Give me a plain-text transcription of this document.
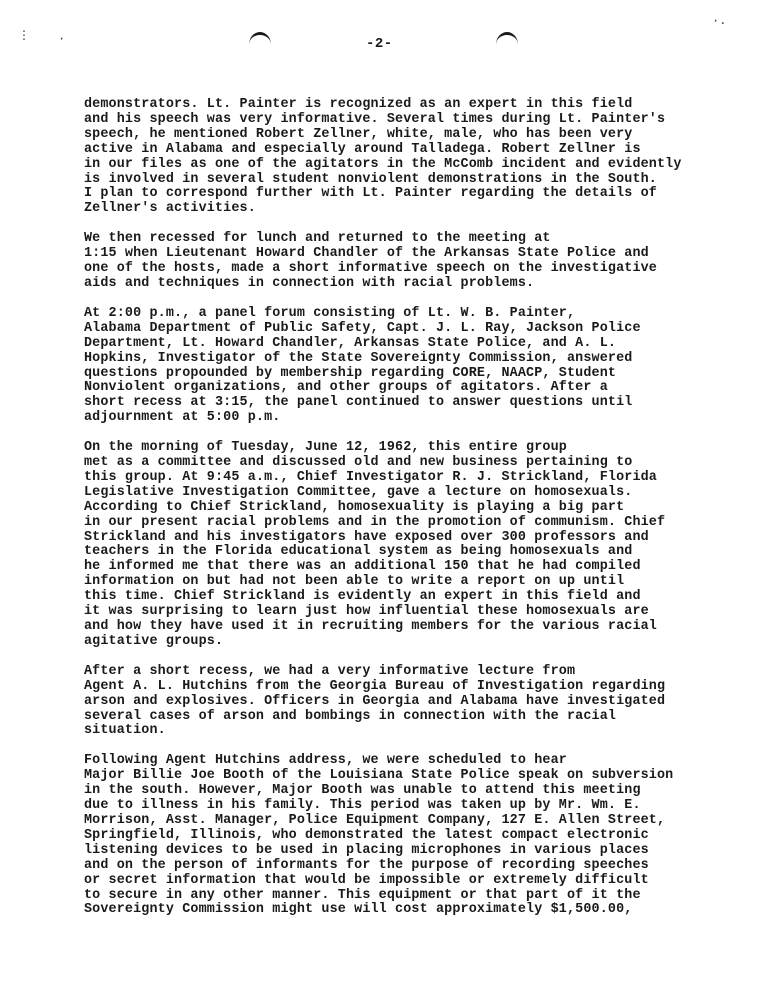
-2-
⋮ ·
·.

demonstrators. Lt. Painter is recognized as an expert in this field
and his speech was very informative. Several times during Lt. Painter's
speech, he mentioned Robert Zellner, white, male, who has been very
active in Alabama and especially around Talladega. Robert Zellner is
in our files as one of the agitators in the McComb incident and evidently
is involved in several student nonviolent demonstrations in the South.
I plan to correspond further with Lt. Painter regarding the details of
Zellner's activities.

We then recessed for lunch and returned to the meeting at
1:15 when Lieutenant Howard Chandler of the Arkansas State Police and
one of the hosts, made a short informative speech on the investigative
aids and techniques in connection with racial problems.

At 2:00 p.m., a panel forum consisting of Lt. W. B. Painter,
Alabama Department of Public Safety, Capt. J. L. Ray, Jackson Police
Department, Lt. Howard Chandler, Arkansas State Police, and A. L.
Hopkins, Investigator of the State Sovereignty Commission, answered
questions propounded by membership regarding CORE, NAACP, Student
Nonviolent organizations, and other groups of agitators. After a
short recess at 3:15, the panel continued to answer questions until
adjournment at 5:00 p.m.

On the morning of Tuesday, June 12, 1962, this entire group
met as a committee and discussed old and new business pertaining to
this group. At 9:45 a.m., Chief Investigator R. J. Strickland, Florida
Legislative Investigation Committee, gave a lecture on homosexuals.
According to Chief Strickland, homosexuality is playing a big part
in our present racial problems and in the promotion of communism. Chief
Strickland and his investigators have exposed over 300 professors and
teachers in the Florida educational system as being homosexuals and
he informed me that there was an additional 150 that he had compiled
information on but had not been able to write a report on up until
this time. Chief Strickland is evidently an expert in this field and
it was surprising to learn just how influential these homosexuals are
and how they have used it in recruiting members for the various racial
agitative groups.

After a short recess, we had a very informative lecture from
Agent A. L. Hutchins from the Georgia Bureau of Investigation regarding
arson and explosives. Officers in Georgia and Alabama have investigated
several cases of arson and bombings in connection with the racial
situation.

Following Agent Hutchins address, we were scheduled to hear
Major Billie Joe Booth of the Louisiana State Police speak on subversion
in the south. However, Major Booth was unable to attend this meeting
due to illness in his family. This period was taken up by Mr. Wm. E.
Morrison, Asst. Manager, Police Equipment Company, 127 E. Allen Street,
Springfield, Illinois, who demonstrated the latest compact electronic
listening devices to be used in placing microphones in various places
and on the person of informants for the purpose of recording speeches
or secret information that would be impossible or extremely difficult
to secure in any other manner. This equipment or that part of it the
Sovereignty Commission might use will cost approximately $1,500.00,
